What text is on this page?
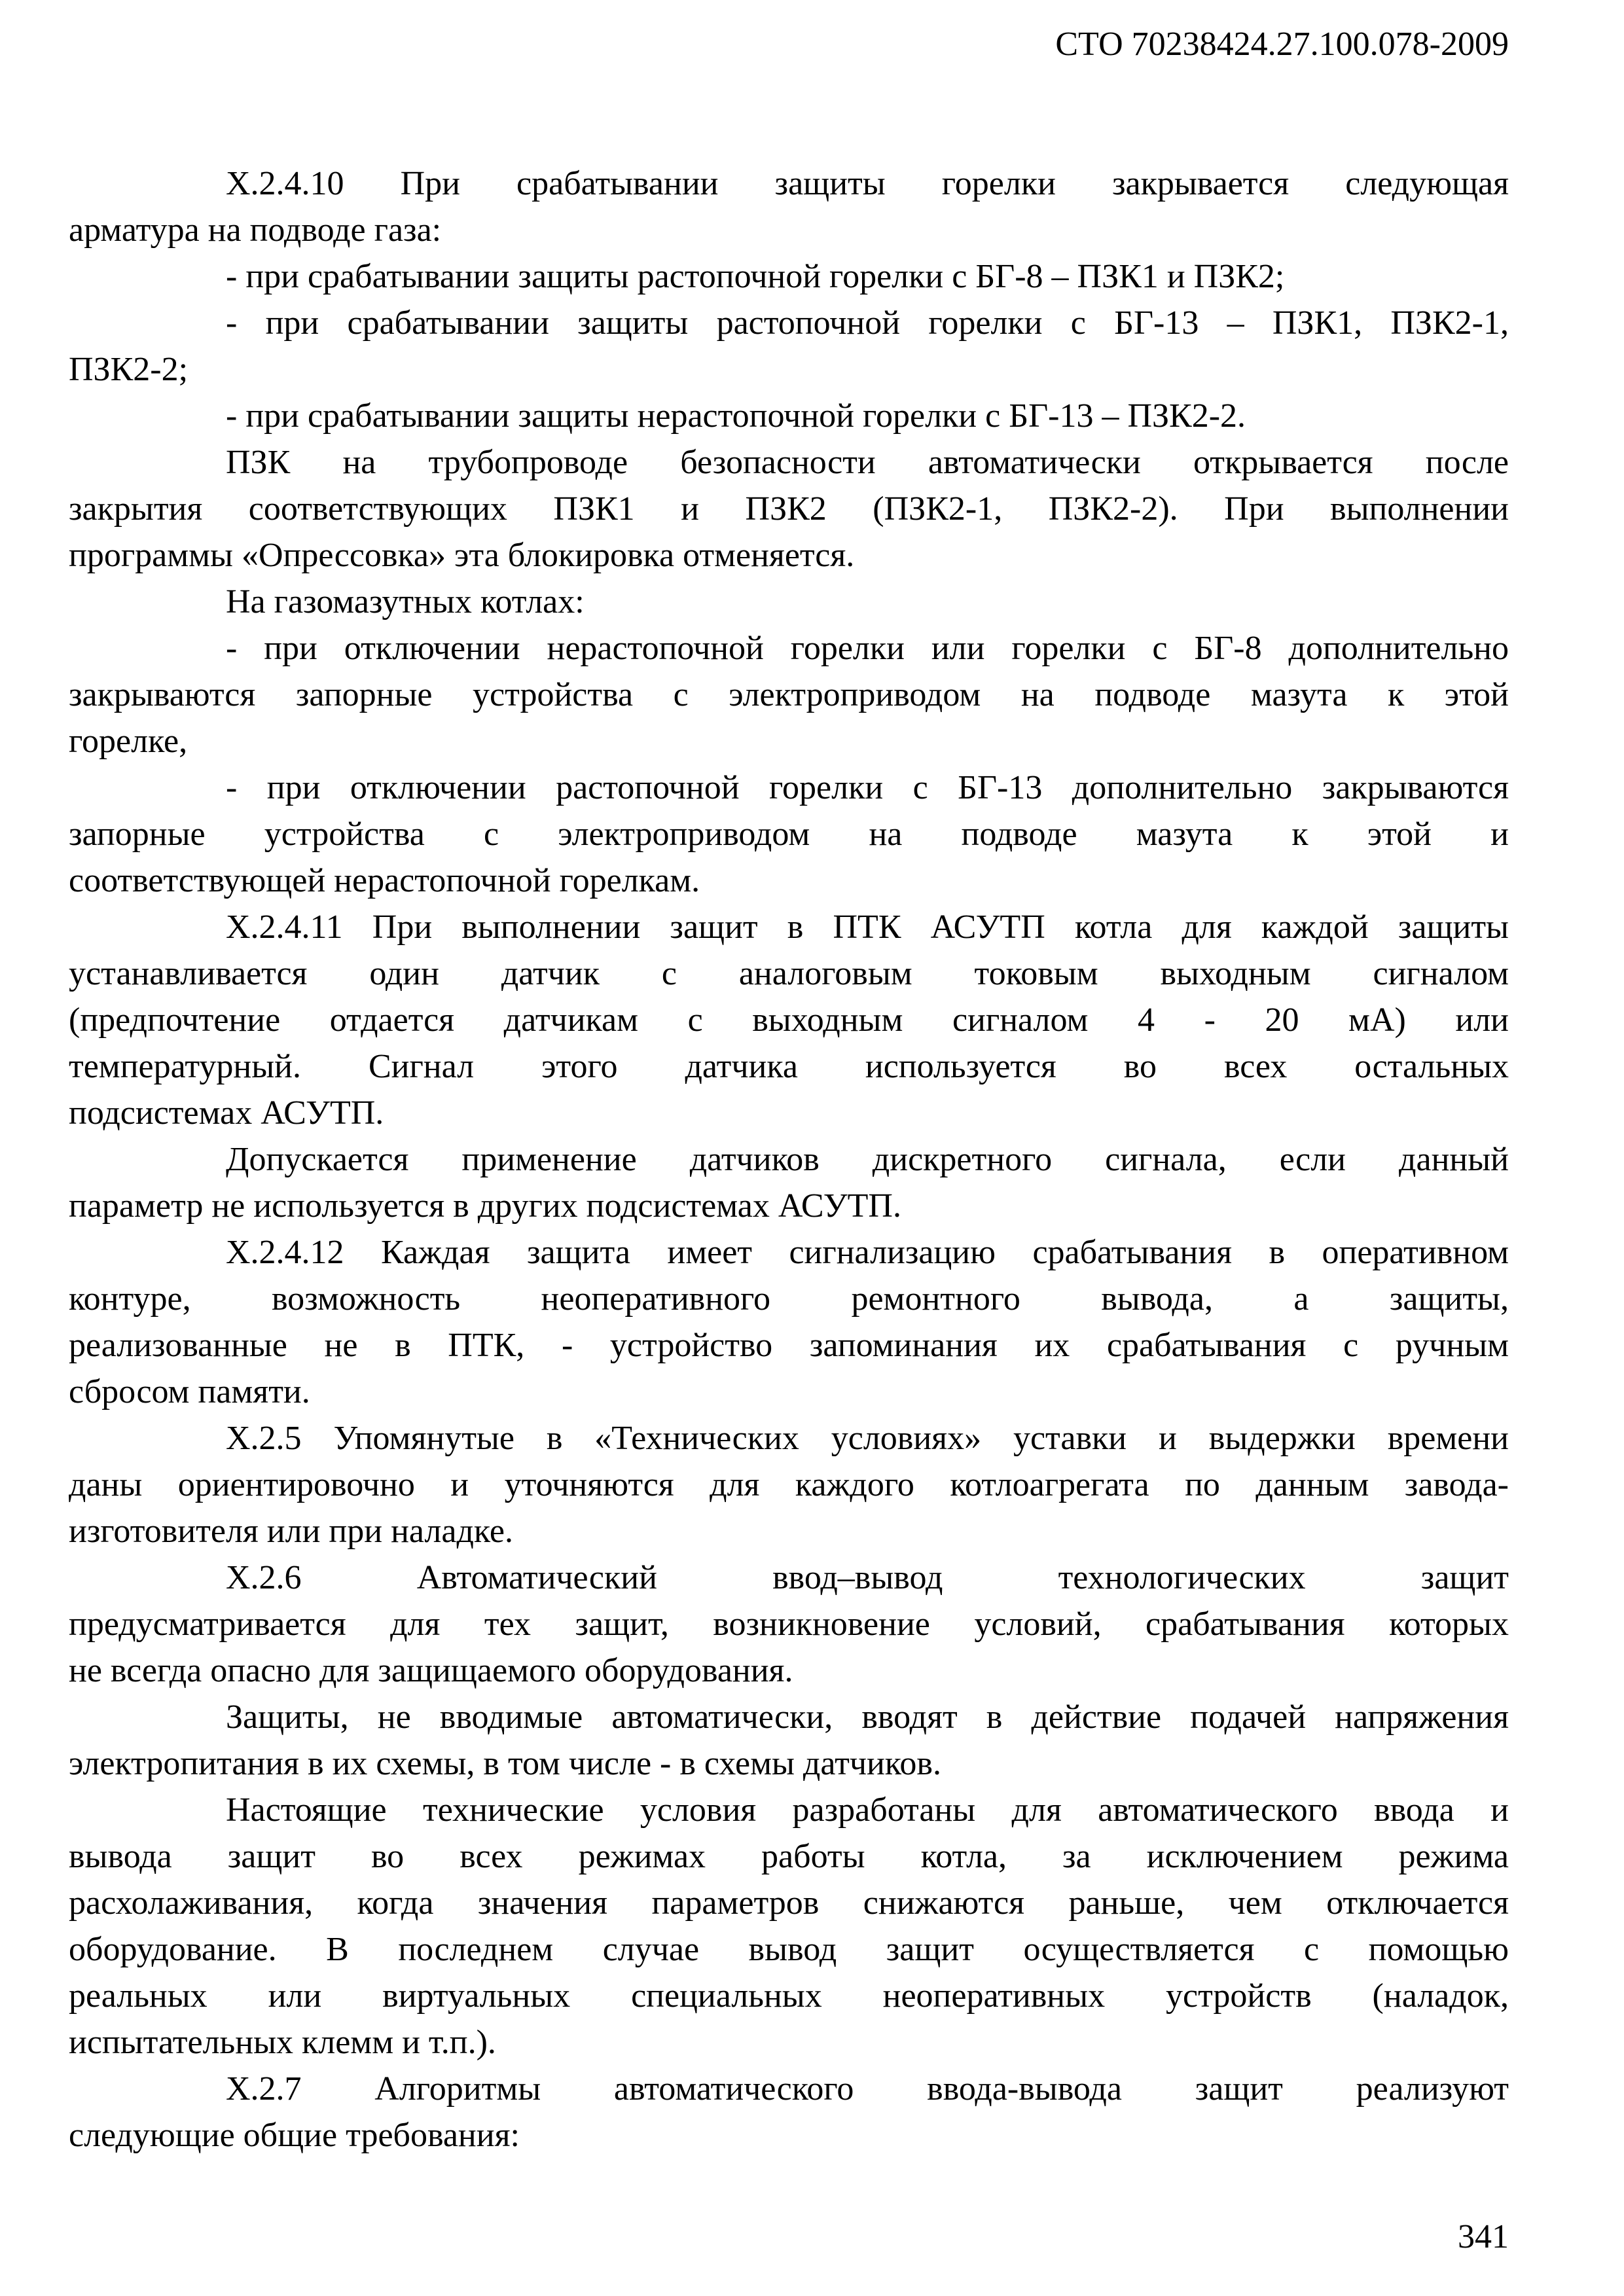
СТО 70238424.27.100.078-2009

Х.2.4.10 При срабатывании защиты горелки закрывается следующая
арматура на подводе газа:

- при срабатывании защиты растопочной горелки с БГ-8 – ПЗК1 и ПЗК2;

- при срабатывании защиты растопочной горелки с БГ-13 – ПЗК1, ПЗК2-1,
ПЗК2-2;

- при срабатывании защиты нерастопочной горелки с БГ-13 – ПЗК2-2.

ПЗК на трубопроводе безопасности автоматически открывается после
закрытия соответствующих ПЗК1 и ПЗК2 (ПЗК2-1, ПЗК2-2). При выполнении
программы «Опрессовка» эта блокировка отменяется.

На газомазутных котлах:

- при отключении нерастопочной горелки или горелки с БГ-8 дополнительно
закрываются запорные устройства с электроприводом на подводе мазута к этой
горелке,

- при отключении растопочной горелки с БГ-13 дополнительно закрываются
запорные устройства с электроприводом на подводе мазута к этой и
соответствующей нерастопочной горелкам.

Х.2.4.11 При выполнении защит в ПТК АСУТП котла для каждой защиты
устанавливается один датчик с аналоговым токовым выходным сигналом
(предпочтение отдается датчикам с выходным сигналом 4 - 20 мА) или
температурный. Сигнал этого датчика используется во всех остальных
подсистемах АСУТП.

Допускается применение датчиков дискретного сигнала, если данный
параметр не используется в других подсистемах АСУТП.

Х.2.4.12 Каждая защита имеет сигнализацию срабатывания в оперативном
контуре, возможность неоперативного ремонтного вывода, а защиты,
реализованные не в ПТК, - устройство запоминания их срабатывания с ручным
сбросом памяти.

Х.2.5 Упомянутые в «Технических условиях» уставки и выдержки времени
даны ориентировочно и уточняются для каждого котлоагрегата по данным завода-
изготовителя или при наладке.

Х.2.6 Автоматический ввод–вывод технологических защит
предусматривается для тех защит, возникновение условий, срабатывания которых
не всегда опасно для защищаемого оборудования.

Защиты, не вводимые автоматически, вводят в действие подачей напряжения
электропитания в их схемы, в том числе - в схемы датчиков.

Настоящие технические условия разработаны для автоматического ввода и
вывода защит во всех режимах работы котла, за исключением режима
расхолаживания, когда значения параметров снижаются раньше, чем отключается
оборудование. В последнем случае вывод защит осуществляется с помощью
реальных или виртуальных специальных неоперативных устройств (наладок,
испытательных клемм и т.п.).

Х.2.7 Алгоритмы автоматического ввода-вывода защит реализуют
следующие общие требования:

341
